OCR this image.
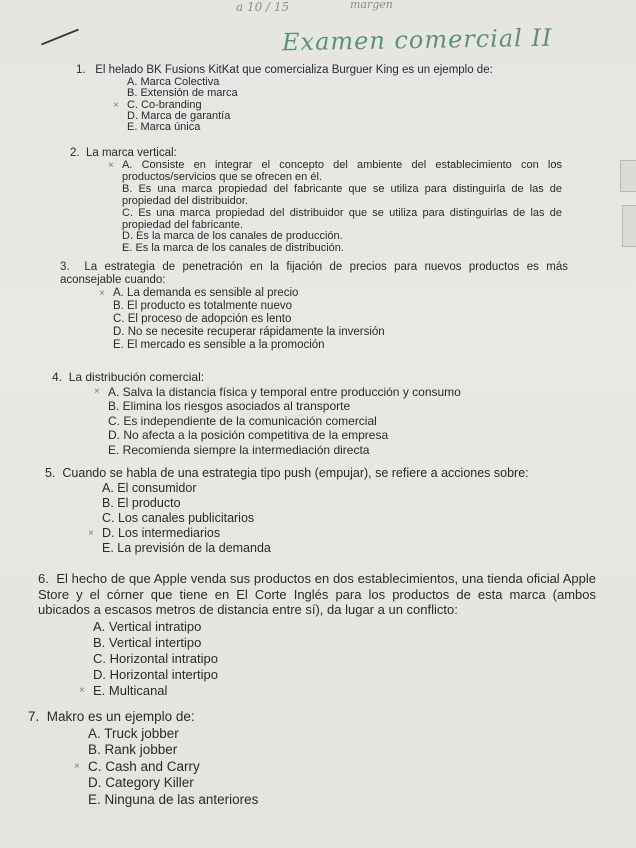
a 10 / 15	margen
Examen comercial II
1. El helado BK Fusions KitKat que comercializa Burguer King es un ejemplo de:
A. Marca Colectiva
B. Extensión de marca
× C. Co-branding
D. Marca de garantía
E. Marca única
2. La marca vertical:
× A. Consiste en integrar el concepto del ambiente del establecimiento con los productos/servicios que se ofrecen en él.
B. Es una marca propiedad del fabricante que se utiliza para distinguirla de las de propiedad del distribuidor.
C. Es una marca propiedad del distribuidor que se utiliza para distinguirlas de las de propiedad del fabricante.
D. Es la marca de los canales de producción.
E. Es la marca de los canales de distribución.
3. La estrategia de penetración en la fijación de precios para nuevos productos es más aconsejable cuando:
× A. La demanda es sensible al precio
B. El producto es totalmente nuevo
C. El proceso de adopción es lento
D. No se necesite recuperar rápidamente la inversión
E. El mercado es sensible a la promoción
4. La distribución comercial:
× A. Salva la distancia física y temporal entre producción y consumo
B. Elimina los riesgos asociados al transporte
C. Es independiente de la comunicación comercial
D. No afecta a la posición competitiva de la empresa
E. Recomienda siempre la intermediación directa
5. Cuando se habla de una estrategia tipo push (empujar), se refiere a acciones sobre:
A. El consumidor
B. El producto
C. Los canales publicitarios
× D. Los intermediarios
E. La previsión de la demanda
6. El hecho de que Apple venda sus productos en dos establecimientos, una tienda oficial Apple Store y el córner que tiene en El Corte Inglés para los productos de esta marca (ambos ubicados a escasos metros de distancia entre sí), da lugar a un conflicto:
A. Vertical intratipo
B. Vertical intertipo
C. Horizontal intratipo
D. Horizontal intertipo
× E. Multicanal
7. Makro es un ejemplo de:
A. Truck jobber
B. Rank jobber
× C. Cash and Carry
D. Category Killer
E. Ninguna de las anteriores
